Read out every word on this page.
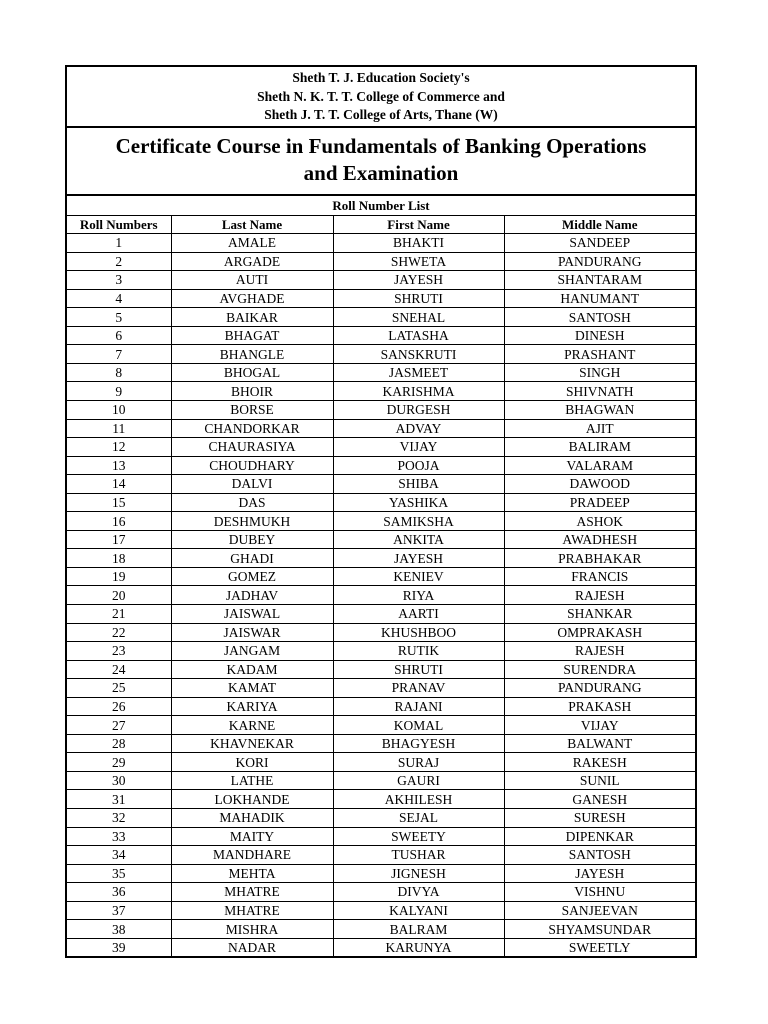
Sheth T. J. Education Society's
Sheth N. K. T. T. College of Commerce and
Sheth J. T. T. College of Arts, Thane (W)
Certificate Course in Fundamentals of Banking Operations
and Examination
Roll Number List
Roll Numbers	Last Name	First Name	Middle Name
1	AMALE	BHAKTI	SANDEEP
2	ARGADE	SHWETA	PANDURANG
3	AUTI	JAYESH	SHANTARAM
4	AVGHADE	SHRUTI	HANUMANT
5	BAIKAR	SNEHAL	SANTOSH
6	BHAGAT	LATASHA	DINESH
7	BHANGLE	SANSKRUTI	PRASHANT
8	BHOGAL	JASMEET	SINGH
9	BHOIR	KARISHMA	SHIVNATH
10	BORSE	DURGESH	BHAGWAN
11	CHANDORKAR	ADVAY	AJIT
12	CHAURASIYA	VIJAY	BALIRAM
13	CHOUDHARY	POOJA	VALARAM
14	DALVI	SHIBA	DAWOOD
15	DAS	YASHIKA	PRADEEP
16	DESHMUKH	SAMIKSHA	ASHOK
17	DUBEY	ANKITA	AWADHESH
18	GHADI	JAYESH	PRABHAKAR
19	GOMEZ	KENIEV	FRANCIS
20	JADHAV	RIYA	RAJESH
21	JAISWAL	AARTI	SHANKAR
22	JAISWAR	KHUSHBOO	OMPRAKASH
23	JANGAM	RUTIK	RAJESH
24	KADAM	SHRUTI	SURENDRA
25	KAMAT	PRANAV	PANDURANG
26	KARIYA	RAJANI	PRAKASH
27	KARNE	KOMAL	VIJAY
28	KHAVNEKAR	BHAGYESH	BALWANT
29	KORI	SURAJ	RAKESH
30	LATHE	GAURI	SUNIL
31	LOKHANDE	AKHILESH	GANESH
32	MAHADIK	SEJAL	SURESH
33	MAITY	SWEETY	DIPENKAR
34	MANDHARE	TUSHAR	SANTOSH
35	MEHTA	JIGNESH	JAYESH
36	MHATRE	DIVYA	VISHNU
37	MHATRE	KALYANI	SANJEEVAN
38	MISHRA	BALRAM	SHYAMSUNDAR
39	NADAR	KARUNYA	SWEETLY
